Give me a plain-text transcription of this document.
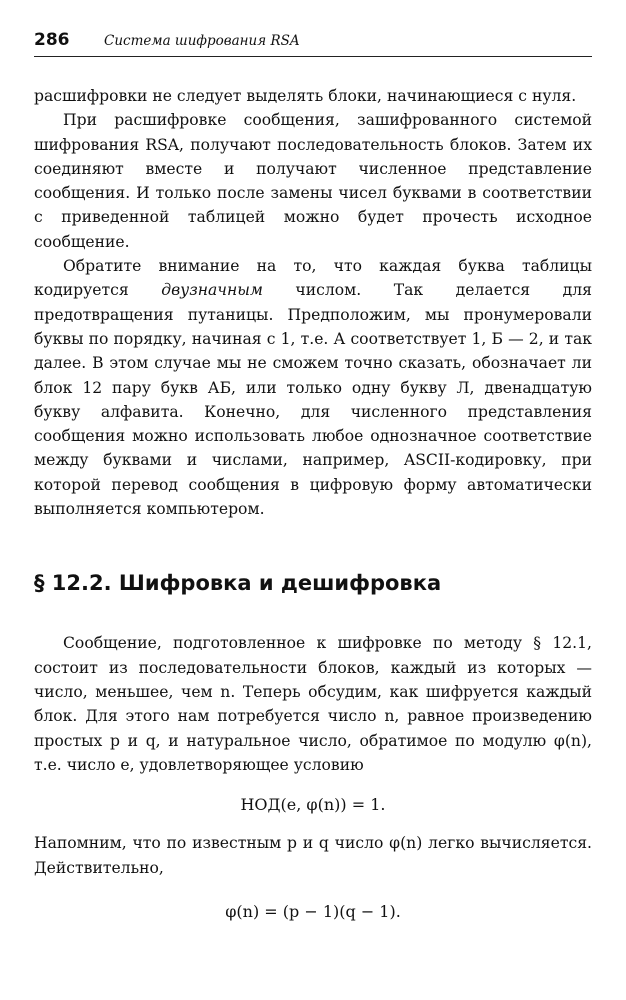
286	Система шифрования RSA

расшифровки не следует выделять блоки, начинающиеся с нуля.

При расшифровке сообщения, зашифрованного системой шифрования RSA, получают последовательность блоков. Затем их соединяют вместе и получают численное представление сообщения. И только после замены чисел буквами в соответствии с приведенной таблицей можно будет прочесть исходное сообщение.

Обратите внимание на то, что каждая буква таблицы кодируется двузначным числом. Так делается для предотвращения путаницы. Предположим, мы пронумеровали буквы по порядку, начиная с 1, т.е. А соответствует 1, Б — 2, и так далее. В этом случае мы не сможем точно сказать, обозначает ли блок 12 пару букв АБ, или только одну букву Л, двенадцатую букву алфавита. Конечно, для численного представления сообщения можно использовать любое однозначное соответствие между буквами и числами, например, ASCII-кодировку, при которой перевод сообщения в цифровую форму автоматически выполняется компьютером.

§ 12.2. Шифровка и дешифровка

Сообщение, подготовленное к шифровке по методу § 12.1, состоит из последовательности блоков, каждый из которых — число, меньшее, чем n. Теперь обсудим, как шифруется каждый блок. Для этого нам потребуется число n, равное произведению простых p и q, и натуральное число, обратимое по модулю φ(n), т.е. число e, удовлетворяющее условию

НОД(e, φ(n)) = 1.

Напомним, что по известным p и q число φ(n) легко вычисляется. Действительно,

φ(n) = (p − 1)(q − 1).
